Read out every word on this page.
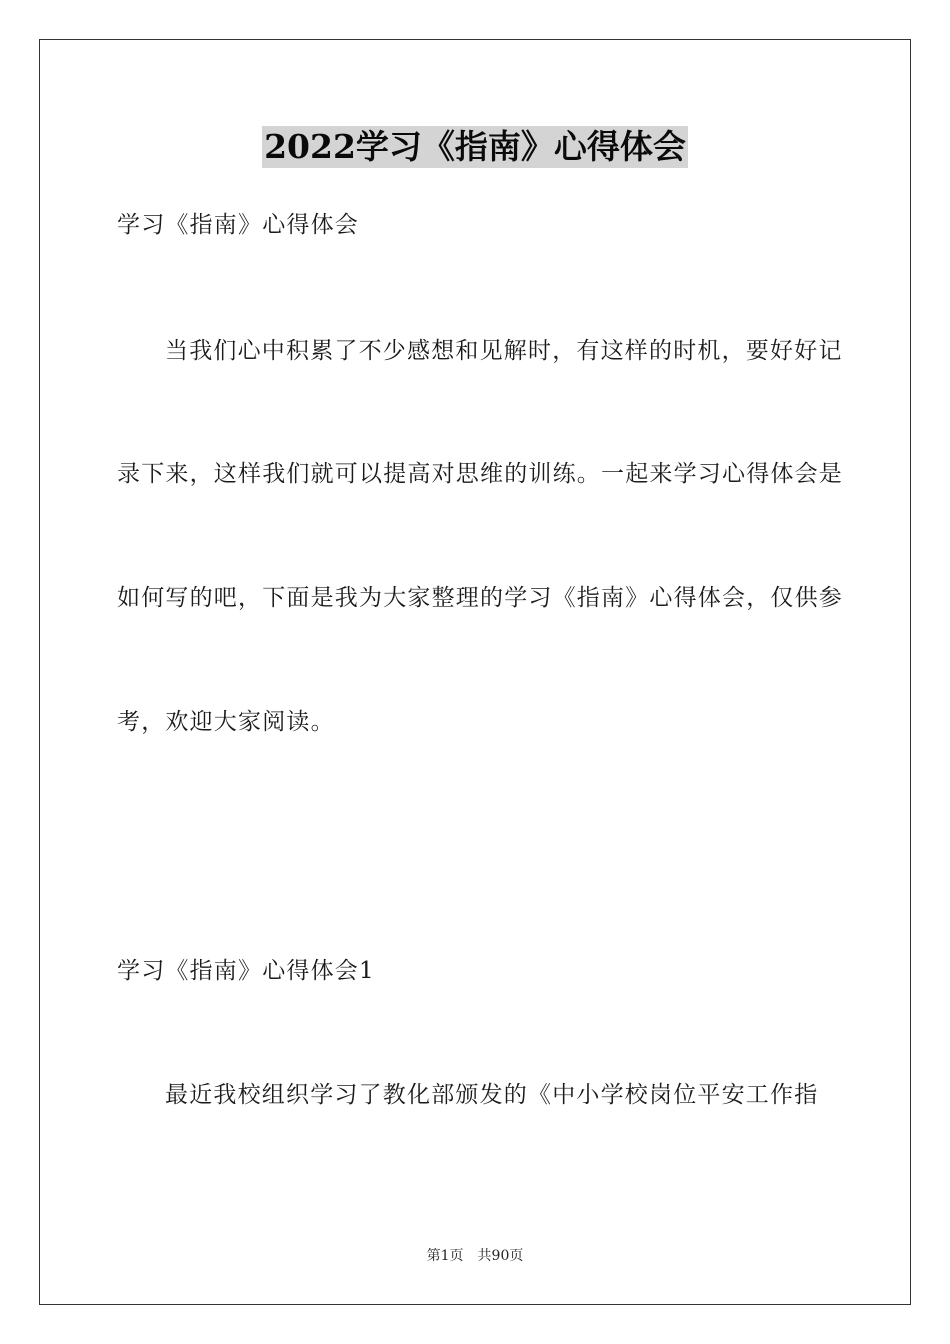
2022学习《指南》心得体会
学习《指南》心得体会
当我们心中积累了不少感想和见解时，有这样的时机，要好好记
录下来，这样我们就可以提高对思维的训练。一起来学习心得体会是
如何写的吧，下面是我为大家整理的学习《指南》心得体会，仅供参
考，欢迎大家阅读。
学习《指南》心得体会1
最近我校组织学习了教化部颁发的《中小学校岗位平安工作指
第1页 共90页
